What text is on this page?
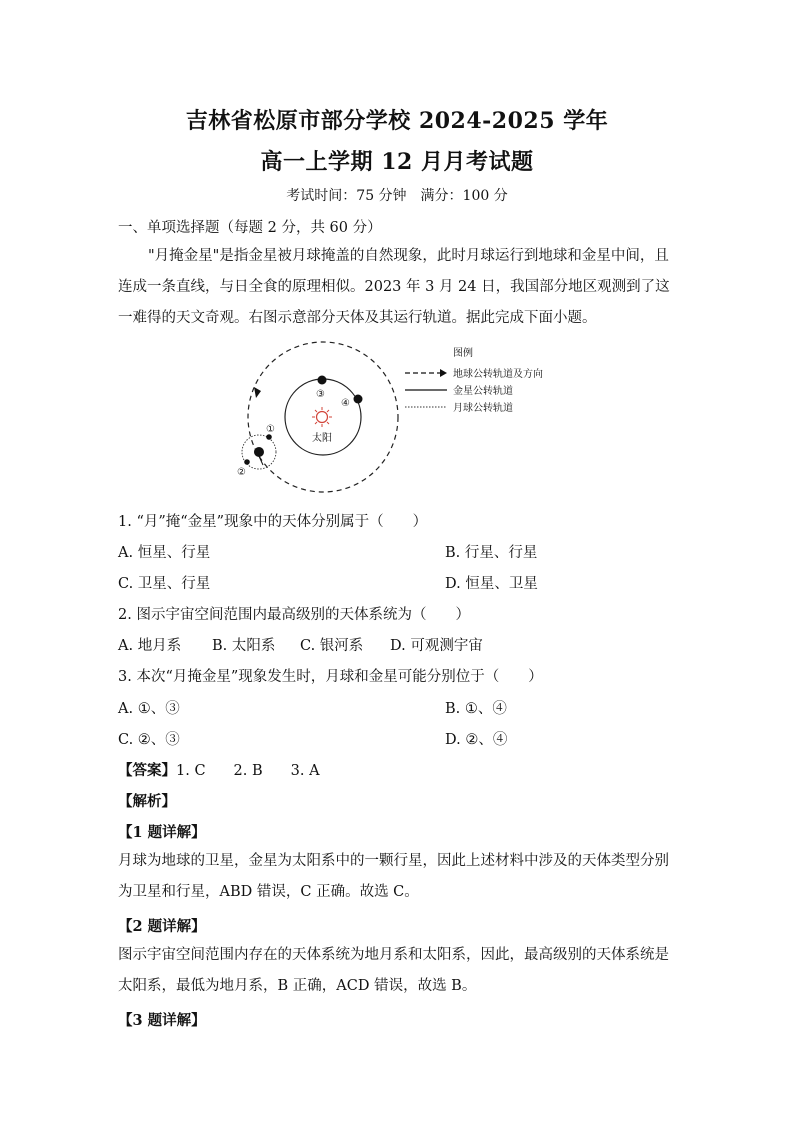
吉林省松原市部分学校 2024-2025 学年
高一上学期 12 月月考试题
考试时间：75 分钟　满分：100 分
一、单项选择题（每题 2 分，共 60 分）
"月掩金星"是指金星被月球掩盖的自然现象，此时月球运行到地球和金星中间，且连成一条直线，与日全食的原理相似。2023 年 3 月 24 日，我国部分地区观测到了这一难得的天文奇观。右图示意部分天体及其运行轨道。据此完成下面小题。
太阳
③
④
①
②
图例
地球公转轨道及方向
金星公转轨道
月球公转轨道
1. “月”掩“金星”现象中的天体分别属于（　　）
A. 恒星、行星	B. 行星、行星
C. 卫星、行星	D. 恒星、卫星
2. 图示宇宙空间范围内最高级别的天体系统为（　　）
A. 地月系 B. 太阳系 C. 银河系 D. 可观测宇宙
3. 本次“月掩金星”现象发生时，月球和金星可能分别位于（　　）
A. ①、③	B. ①、④
C. ②、③	D. ②、④
【答案】1. C 2. B 3. A
【解析】
【1 题详解】
月球为地球的卫星，金星为太阳系中的一颗行星，因此上述材料中涉及的天体类型分别为卫星和行星，ABD 错误，C 正确。故选 C。
【2 题详解】
图示宇宙空间范围内存在的天体系统为地月系和太阳系，因此，最高级别的天体系统是太阳系，最低为地月系，B 正确，ACD 错误，故选 B。
【3 题详解】
